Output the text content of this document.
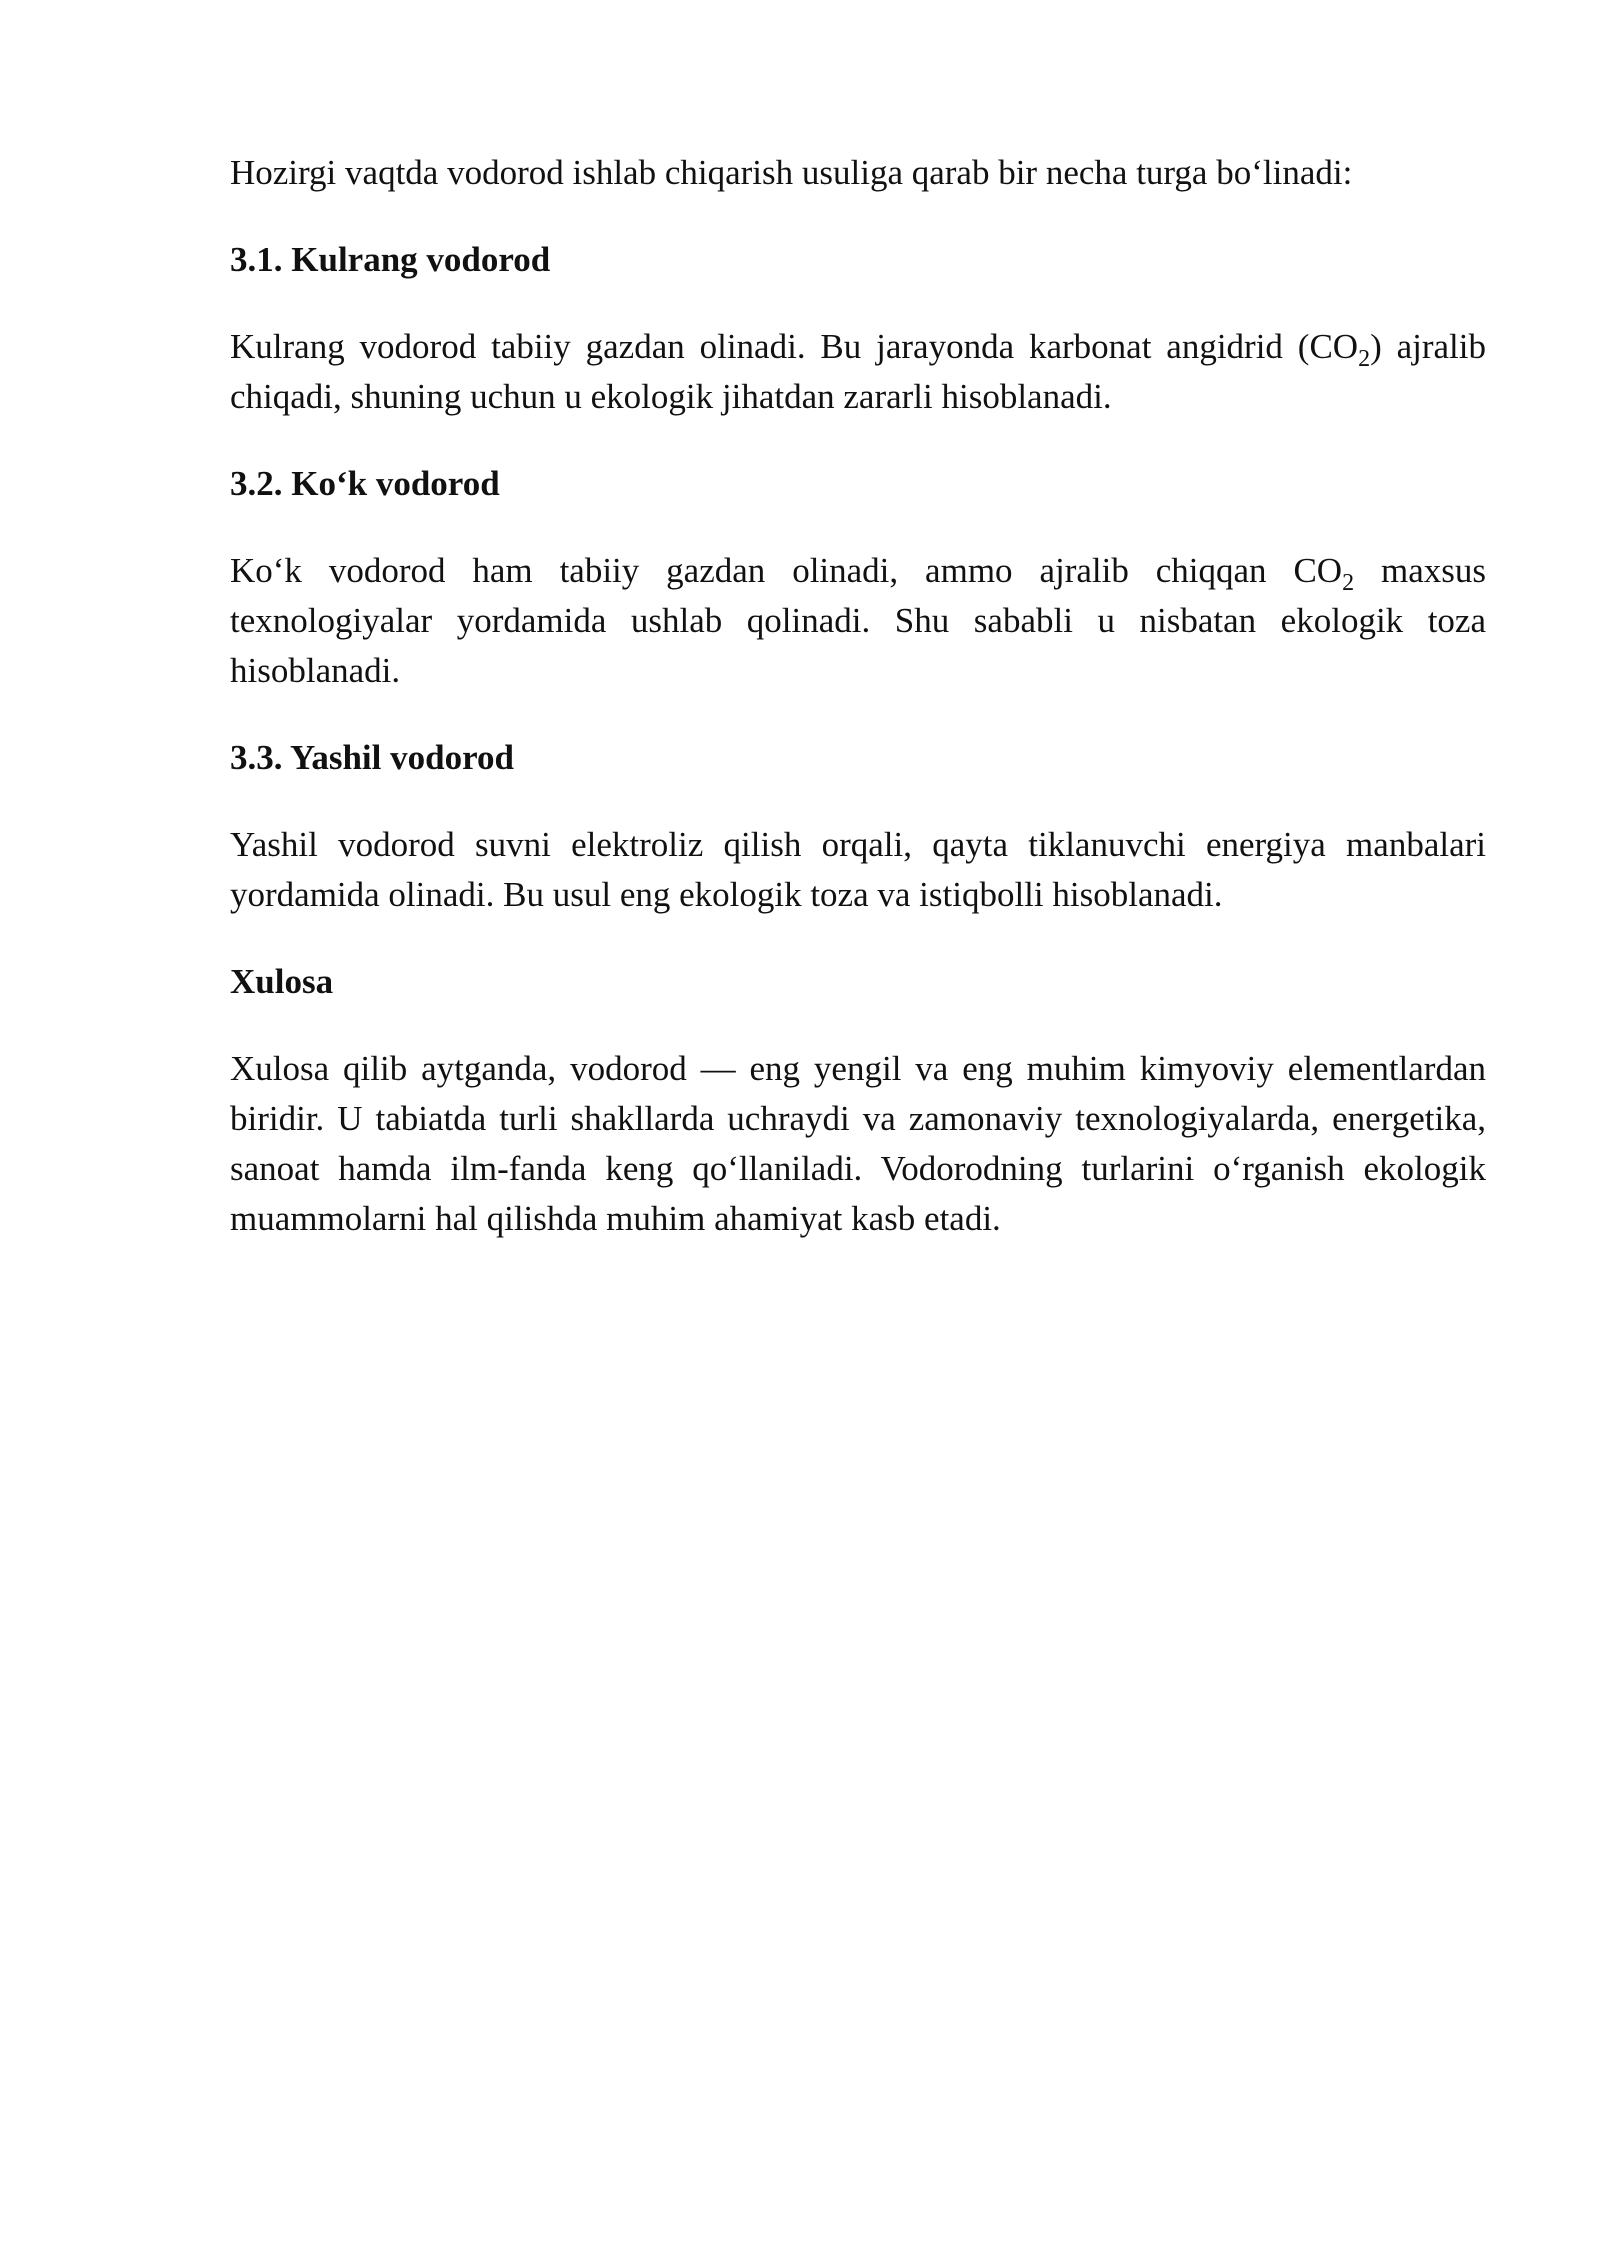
Hozirgi vaqtda vodorod ishlab chiqarish usuliga qarab bir necha turga bo‘linadi:

3.1. Kulrang vodorod

Kulrang vodorod tabiiy gazdan olinadi. Bu jarayonda karbonat angidrid $(CO_2)$ ajralib chiqadi, shuning uchun u ekologik jihatdan zararli hisoblanadi.

3.2. Ko‘k vodorod

Ko‘k vodorod ham tabiiy gazdan olinadi, ammo ajralib chiqqan $CO_2$ maxsus texnologiyalar yordamida ushlab qolinadi. Shu sababli u nisbatan ekologik toza hisoblanadi.

3.3. Yashil vodorod

Yashil vodorod suvni elektroliz qilish orqali, qayta tiklanuvchi energiya manbalari yordamida olinadi. Bu usul eng ekologik toza va istiqbolli hisoblanadi.

Xulosa

Xulosa qilib aytganda, vodorod — eng yengil va eng muhim kimyoviy elementlardan biridir. U tabiatda turli shakllarda uchraydi va zamonaviy texnologiyalarda, energetika, sanoat hamda ilm-fanda keng qo‘llaniladi. Vodorodning turlarini o‘rganish ekologik muammolarni hal qilishda muhim ahamiyat kasb etadi.
